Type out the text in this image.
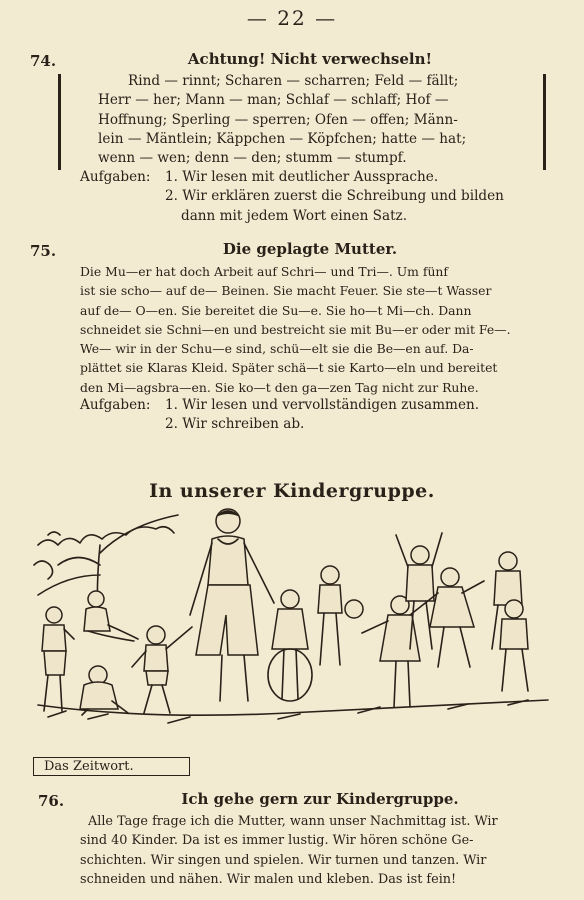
— 22 —
74.	Achtung! Nicht verwechseln!
Rind — rinnt; Scharen — scharren; Feld — fällt;
Herr — her; Mann — man; Schlaf — schlaff; Hof —
Hoffnung; Sperling — sperren; Ofen — offen; Männ-
lein — Mäntlein; Käppchen — Köpfchen; hatte — hat;
wenn — wen; denn — den; stumm — stumpf.
Aufgaben: 1. Wir lesen mit deutlicher Aussprache.
2. Wir erklären zuerst die Schreibung und bilden
dann mit jedem Wort einen Satz.
75.	Die geplagte Mutter.
Die Mu—er hat doch Arbeit auf Schri— und Tri—. Um fünf
ist sie scho— auf de— Beinen. Sie macht Feuer. Sie ste—t Wasser
auf de— O—en. Sie bereitet die Su—e. Sie ho—t Mi—ch. Dann
schneidet sie Schni—en und bestreicht sie mit Bu—er oder mit Fe—.
We— wir in der Schu—e sind, schü—elt sie die Be—en auf. Da-
plättet sie Klaras Kleid. Später schä—t sie Karto—eln und bereitet
den Mi—agsbra—en. Sie ko—t den ga—zen Tag nicht zur Ruhe.
Aufgaben: 1. Wir lesen und vervollständigen zusammen.
2. Wir schreiben ab.
In unserer Kindergruppe.
Das Zeitwort.
76.	Ich gehe gern zur Kindergruppe.
Alle Tage frage ich die Mutter, wann unser Nachmittag ist. Wir
sind 40 Kinder. Da ist es immer lustig. Wir hören schöne Ge-
schichten. Wir singen und spielen. Wir turnen und tanzen. Wir
schneiden und nähen. Wir malen und kleben. Das ist fein!
